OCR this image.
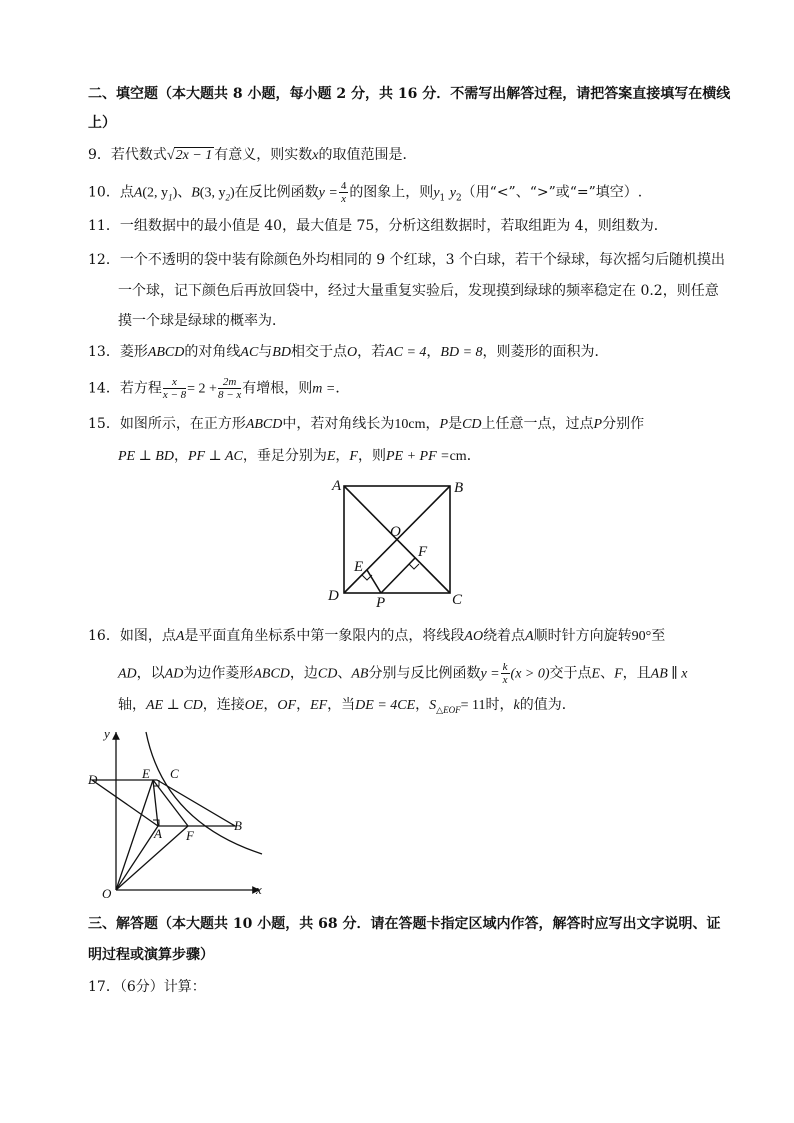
二、填空题（本大题共 8 小题，每小题 2 分，共 16 分．不需写出解答过程，请把答案直接填写在横线
上）
9．若代数式√2x − 1 有意义，则实数x的取值范围是．
10．点A(2, $y_1$)、B(3, $y_2$)在反比例函数$y = \frac{4}{x}$ 的图象上，则$y_1$ $y_2$（用“<”、“>”或“=”填空）.
11．一组数据中的最小值是 40，最大值是 75，分析这组数据时，若取组距为 4，则组数为．
12．一个不透明的袋中装有除颜色外均相同的 9 个红球，3 个白球，若干个绿球，每次摇匀后随机摸出
一个球，记下颜色后再放回袋中，经过大量重复实验后，发现摸到绿球的频率稳定在 0.2，则任意
摸一个球是绿球的概率为．
13．菱形ABCD的对角线AC与BD相交于点O，若AC = 4，BD = 8，则菱形的面积为．
14．若方程 $\frac{x}{x - 8} = 2 + \frac{2m}{8 - x}$ 有增根，则m =．
15．如图所示，在正方形ABCD中，若对角线长为10cm，P是CD上任意一点，过点P分别作
PE ⊥ BD，PF ⊥ AC，垂足分别为E，F，则PE + PF =cm．
A	B
C
D
O
E
F
P
16．如图，点A是平面直角坐标系中第一象限内的点，将线段AO绕着点A顺时针方向旋转90°至
AD，以AD为边作菱形ABCD，边CD、AB分别与反比例函数$y = \frac{k}{x} (x > 0)$交于点E、F，且AB ∥ x
轴，AE ⊥ CD，连接OE，OF，EF，当DE = 4CE，$S_{\triangle EOF}= 11$时，k的值为．
y
x
O
D	E C
A F
B
三、解答题（本大题共 10 小题，共 68 分．请在答题卡指定区域内作答，解答时应写出文字说明、证
明过程或演算步骤）
17．（6分）计算：
